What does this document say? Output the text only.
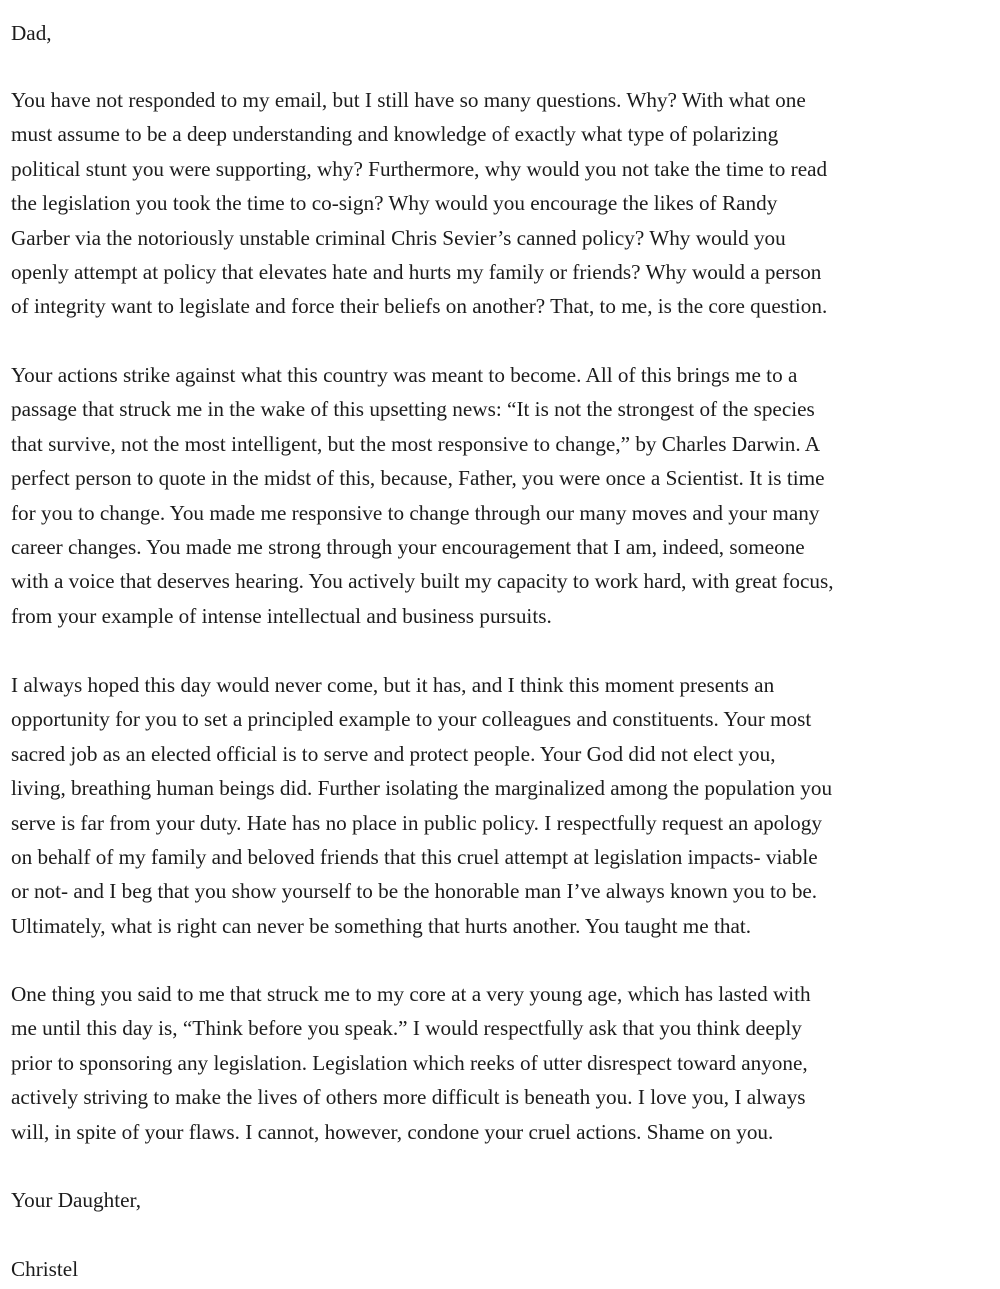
Dad,
You have not responded to my email, but I still have so many questions. Why? With what one
must assume to be a deep understanding and knowledge of exactly what type of polarizing
political stunt you were supporting, why? Furthermore, why would you not take the time to read
the legislation you took the time to co-sign? Why would you encourage the likes of Randy
Garber via the notoriously unstable criminal Chris Sevier’s canned policy? Why would you
openly attempt at policy that elevates hate and hurts my family or friends? Why would a person
of integrity want to legislate and force their beliefs on another? That, to me, is the core question.
Your actions strike against what this country was meant to become. All of this brings me to a
passage that struck me in the wake of this upsetting news: “It is not the strongest of the species
that survive, not the most intelligent, but the most responsive to change,” by Charles Darwin. A
perfect person to quote in the midst of this, because, Father, you were once a Scientist. It is time
for you to change. You made me responsive to change through our many moves and your many
career changes. You made me strong through your encouragement that I am, indeed, someone
with a voice that deserves hearing. You actively built my capacity to work hard, with great focus,
from your example of intense intellectual and business pursuits.
I always hoped this day would never come, but it has, and I think this moment presents an
opportunity for you to set a principled example to your colleagues and constituents. Your most
sacred job as an elected official is to serve and protect people. Your God did not elect you,
living, breathing human beings did. Further isolating the marginalized among the population you
serve is far from your duty. Hate has no place in public policy. I respectfully request an apology
on behalf of my family and beloved friends that this cruel attempt at legislation impacts- viable
or not- and I beg that you show yourself to be the honorable man I’ve always known you to be.
Ultimately, what is right can never be something that hurts another. You taught me that.
One thing you said to me that struck me to my core at a very young age, which has lasted with
me until this day is, “Think before you speak.” I would respectfully ask that you think deeply
prior to sponsoring any legislation. Legislation which reeks of utter disrespect toward anyone,
actively striving to make the lives of others more difficult is beneath you. I love you, I always
will, in spite of your flaws. I cannot, however, condone your cruel actions. Shame on you.
Your Daughter,
Christel
